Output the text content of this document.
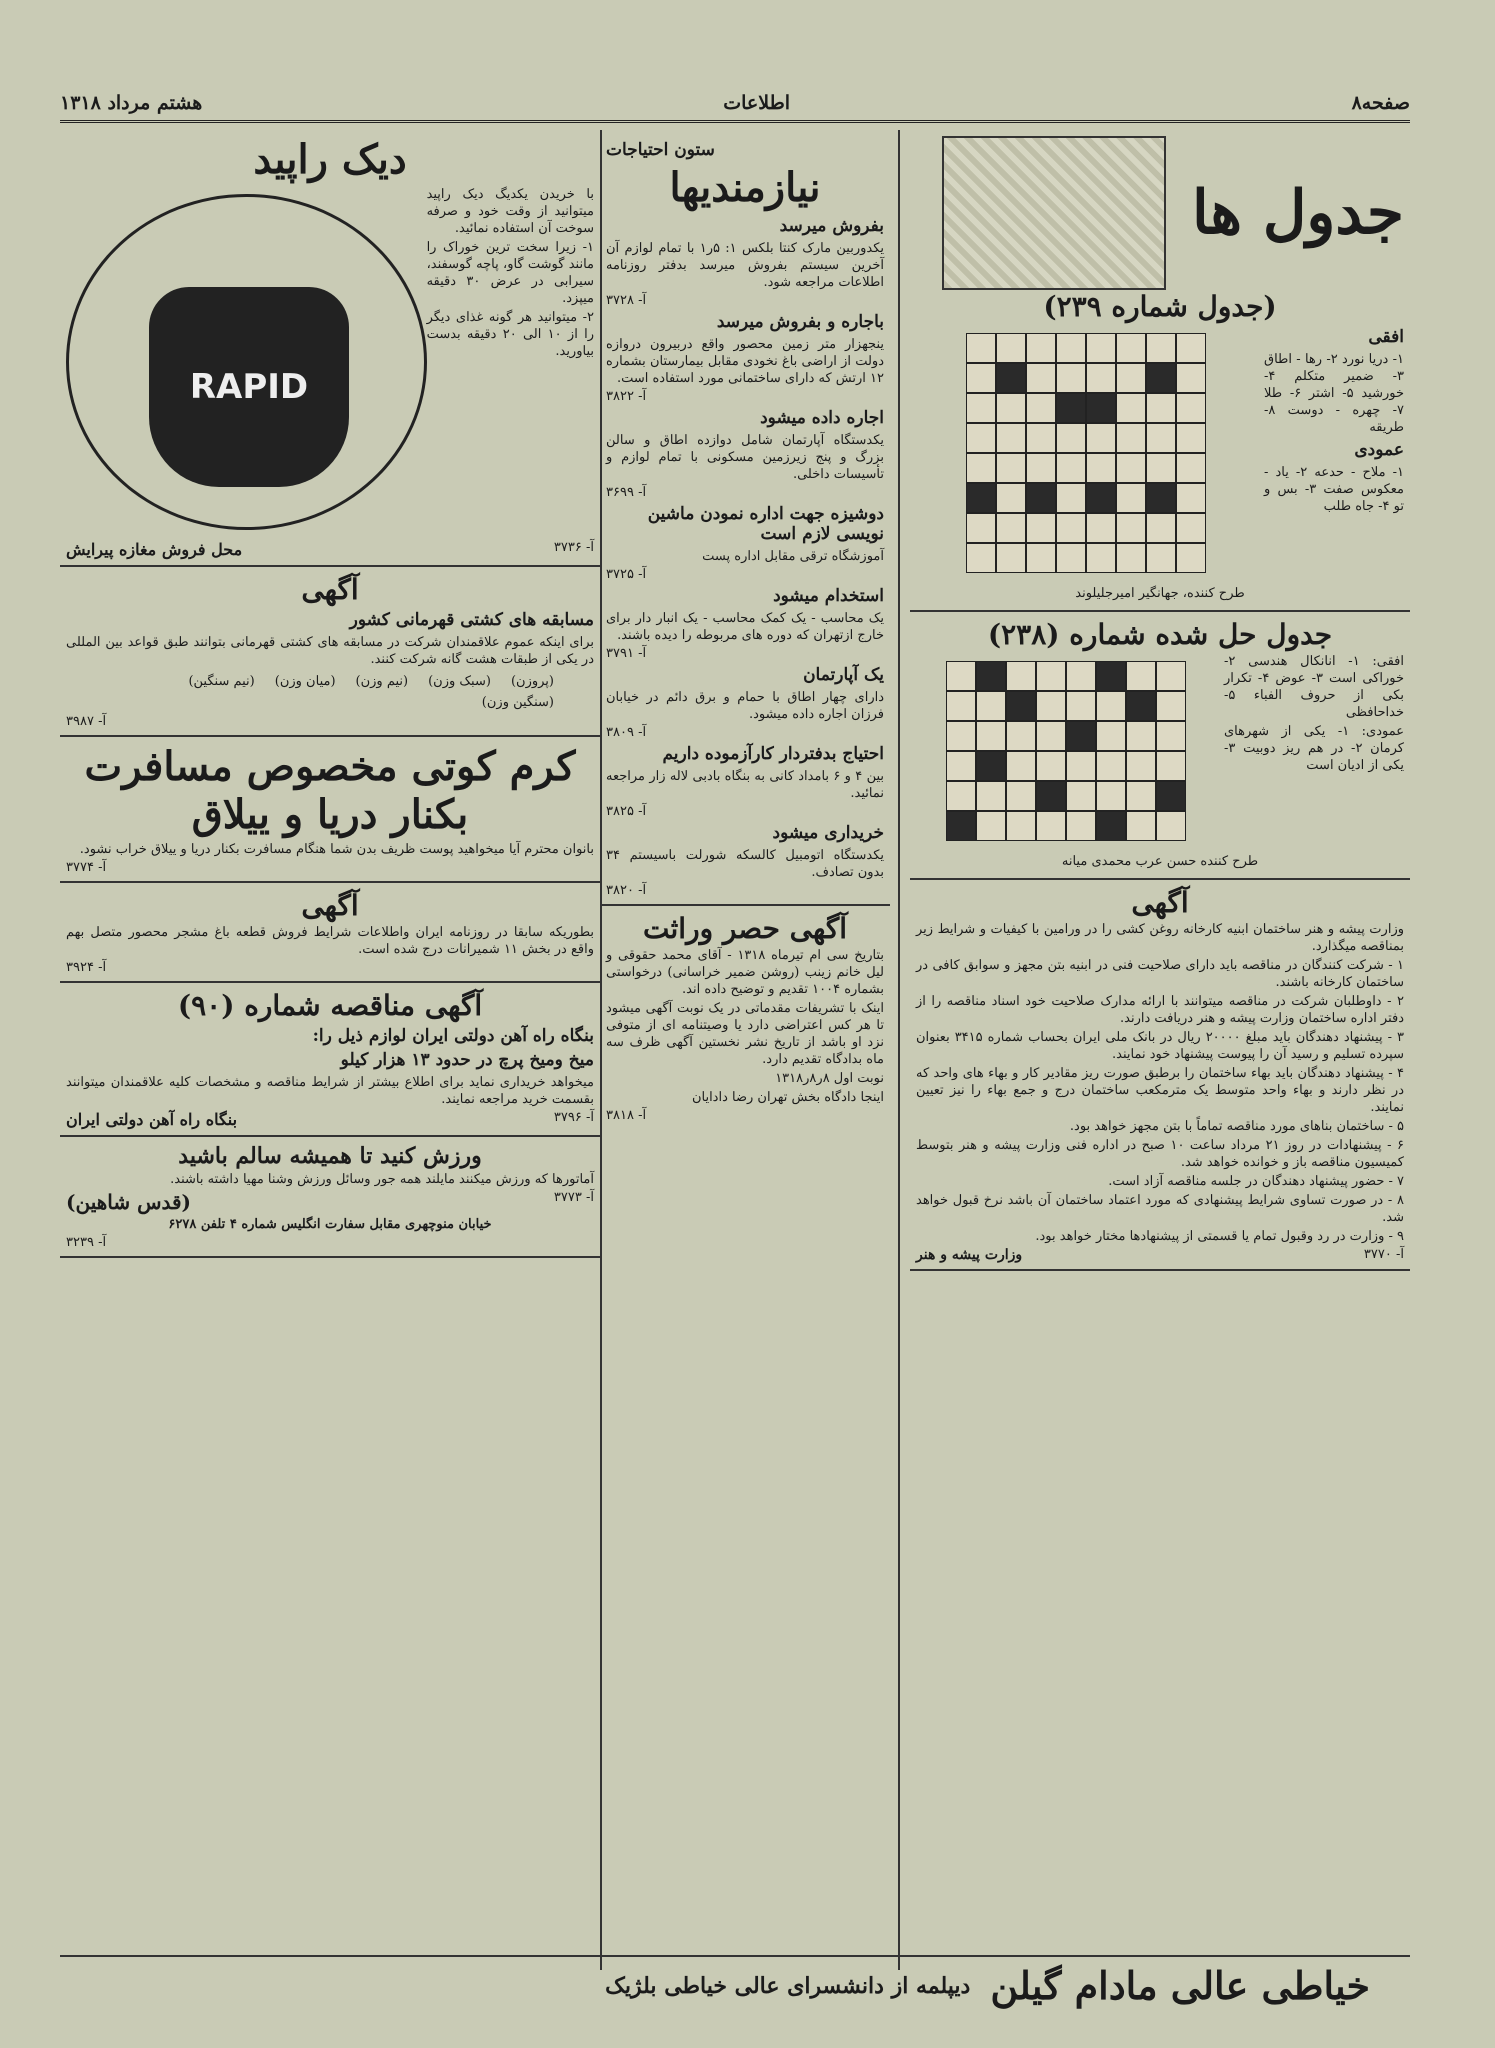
صفحه۸
اطلاعات
هشتم مرداد ۱۳۱۸
جدول ها
(جدول شماره ۲۳۹)
افقی

۱- دریا نورد ۲- رها - اطاق ۳- ضمیر متکلم ۴- خورشید ۵- اشتر ۶- طلا ۷- چهره - دوست ۸- طریقه

عمودی

۱- ملاح - حدعه ۲- یاد - معکوس صفت ۳- بس و تو ۴- جاه طلب

طرح کننده، جهانگیر امیرجلیلوند

جدول حل شده شماره (۲۳۸)

افقی: ۱- انانکال هندسی ۲- خوراکی است ۳- عوض ۴- تکرار بکی از حروف الفباء ۵- خداحافظی

عمودی: ۱- یکی از شهرهای کرمان ۲- در هم ریز دوبیت ۳- یکی از ادیان است

طرح کننده حسن عرب محمدی میانه

آگهی

وزارت پیشه و هنر ساختمان ابنیه کارخانه روغن کشی را در ورامین با کیفیات و شرایط زیر بمناقصه میگذارد.

۱ - شرکت کنندگان در مناقصه باید دارای صلاحیت فنی در ابنیه بتن مجهز و سوابق کافی در ساختمان کارخانه باشند.

۲ - داوطلبان شرکت در مناقصه میتوانند با ارائه مدارک صلاحیت خود اسناد مناقصه را از دفتر اداره ساختمان وزارت پیشه و هنر دریافت دارند.

۳ - پیشنهاد دهندگان باید مبلغ ۲۰۰۰۰ ریال در بانک ملی ایران بحساب شماره ۳۴۱۵ بعنوان سپرده تسلیم و رسید آن را پیوست پیشنهاد خود نمایند.

۴ - پیشنهاد دهندگان باید بهاء ساختمان را برطبق صورت ریز مقادیر کار و بهاء های واحد که در نظر دارند و بهاء واحد متوسط یک مترمکعب ساختمان درج و جمع بهاء را نیز تعیین نمایند.

۵ - ساختمان بناهای مورد مناقصه تماماً با بتن مجهز خواهد بود.

۶ - پیشنهادات در روز ۲۱ مرداد ساعت ۱۰ صبح در اداره فنی وزارت پیشه و هنر بتوسط کمیسیون مناقصه باز و خوانده خواهد شد.

۷ - حضور پیشنهاد دهندگان در جلسه مناقصه آزاد است.

۸ - در صورت تساوی شرایط پیشنهادی که مورد اعتماد ساختمان آن باشد نرخ قبول خواهد شد.

۹ - وزارت در رد وقبول تمام یا قسمتی از پیشنهادها مختار خواهد بود.

آ- ۳۷۷۰
وزارت پیشه و هنر
ستون احتیاجات
نیازمندیها
بفروش میرسد

یکدوربین مارک کنتا بلکس ۱: ۵ر۱ با تمام لوازم آن آخرین سیستم بفروش میرسد بدفتر روزنامه اطلاعات مراجعه شود.

آ- ۳۷۲۸
باجاره و بفروش میرسد

ینجهزار متر زمین محصور واقع دربیرون دروازه دولت از اراضی باغ نخودی مقابل بیمارستان بشماره ۱۲ ارتش که دارای ساختمانی مورد استفاده است.

آ- ۳۸۲۲
اجاره داده میشود

یکدستگاه آپارتمان شامل دوازده اطاق و سالن بزرگ و پنج زیرزمین مسکونی با تمام لوازم و تأسیسات داخلی.

آ- ۳۶۹۹
دوشیزه جهت اداره نمودن ماشین نویسی لازم است

آموزشگاه ترقی مقابل اداره پست

آ- ۳۷۲۵
استخدام میشود

یک محاسب - یک کمک محاسب - یک انبار دار برای خارج ازتهران که دوره های مربوطه را دیده باشند.

آ- ۳۷۹۱
یک آپارتمان

دارای چهار اطاق با حمام و برق دائم در خیابان فرزان اجاره داده میشود.

آ- ۳۸۰۹
احتیاج بدفتردار کارآزموده داریم

بین ۴ و ۶ بامداد کانی به بنگاه بادبی لاله زار مراجعه نمائید.

آ- ۳۸۲۵
خریداری میشود

یکدستگاه اتومبیل کالسکه شورلت باسیستم ۳۴ بدون تصادف.

آ- ۳۸۲۰
آگهی حصر وراثت

بتاریخ سی ام تیرماه ۱۳۱۸ - آقای محمد حقوقی و لیل خانم زینب (روشن ضمیر خراسانی) درخواستی بشماره ۱۰۰۴ تقدیم و توضیح داده اند.

اینک با تشریفات مقدماتی در یک نوبت آگهی میشود تا هر کس اعتراضی دارد یا وصیتنامه ای از متوفی نزد او باشد از تاریخ نشر نخستین آگهی ظرف سه ماه بدادگاه تقدیم دارد.

نوبت اول ۸ر۸ر۱۳۱۸

اینجا دادگاه بخش تهران رضا دادایان

آ- ۳۸۱۸
دیک راپید

با خریدن یکدیگ دیک راپید میتوانید از وقت خود و صرفه سوخت آن استفاده نمائید.

۱- زیرا سخت ترین خوراک را مانند گوشت گاو، پاچه گوسفند، سیرابی در عرض ۳۰ دقیقه میپزد.

۲- میتوانید هر گونه غذای دیگر را از ۱۰ الی ۲۰ دقیقه بدست بیاورید.

RAPID
آ- ۳۷۳۶
محل فروش مغازه پیرایش
آگهی
مسابقه های کشتی قهرمانی کشور

برای اینکه عموم علاقمندان شرکت در مسابقه های کشتی قهرمانی بتوانند طبق قواعد بین المللی در یکی از طبقات هشت گانه شرکت کنند.

(پروزن)
(سبک وزن)
(نیم وزن)
(میان وزن)
(نیم سنگین)
(سنگین وزن)
آ- ۳۹۸۷
کرم کوتی مخصوص مسافرت بکنار دریا و ییلاق

بانوان محترم آیا میخواهید پوست ظریف بدن شما هنگام مسافرت بکنار دریا و ییلاق خراب نشود.

آ- ۳۷۷۴
آگهی

بطوریکه سابقا در روزنامه ایران واطلاعات شرایط فروش قطعه باغ مشجر محصور متصل بهم واقع در بخش ۱۱ شمیرانات درج شده است.

آ- ۳۹۲۴
آگهی مناقصه شماره (۹۰)
بنگاه راه آهن دولتی ایران لوازم ذیل را:
میخ ومیخ پرچ در حدود ۱۳ هزار کیلو

میخواهد خریداری نماید برای اطلاع بیشتر از شرایط مناقصه و مشخصات کلیه علاقمندان میتوانند بقسمت خرید مراجعه نمایند.

آ- ۳۷۹۶
بنگاه راه آهن دولتی ایران
ورزش کنید تا همیشه سالم باشید

آماتورها که ورزش میکنند مایلند همه جور وسائل ورزش وشنا مهیا داشته باشند.

آ- ۳۷۷۳
(قدس شاهین)

خیابان منوچهری مقابل سفارت انگلیس شماره ۴ تلفن ۶۲۷۸

آ- ۳۲۳۹
خیاطی عالی مادام گیلن
دیپلمه از دانشسرای عالی خیاطی بلژیک
